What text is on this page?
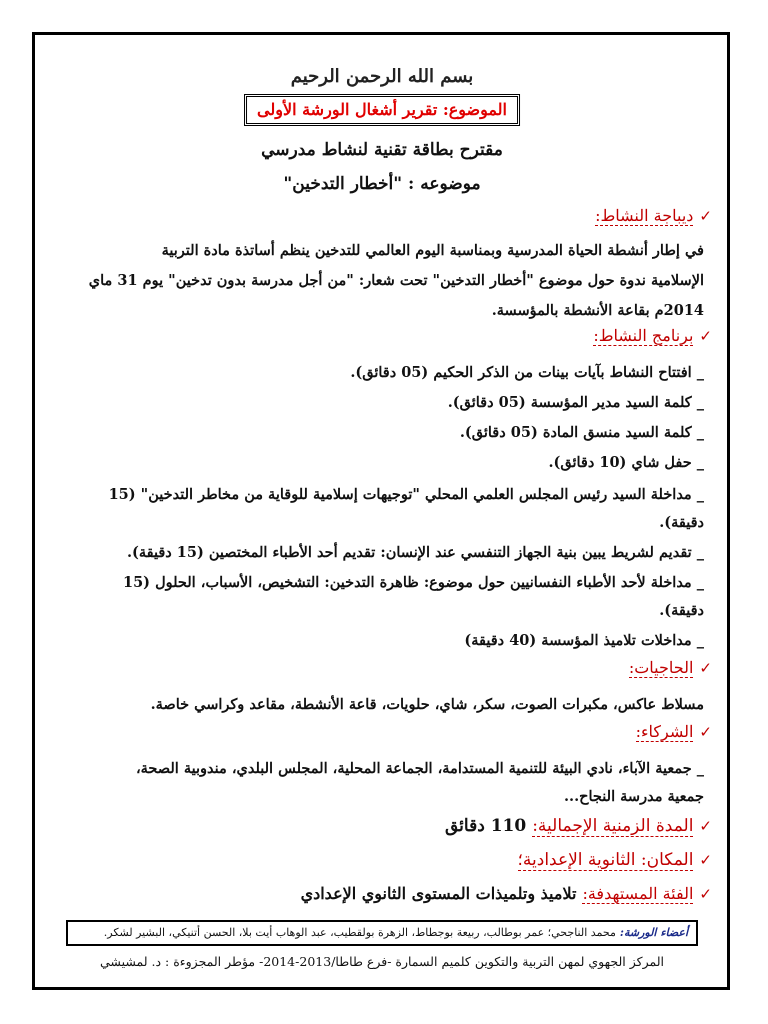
بسم الله الرحمن الرحيم
الموضوع: تقرير أشغال الورشة الأولى
مقترح بطاقة تقنية لنشاط مدرسي
موضوعه : "أخطار التدخين"
✓ديباجة النشاط:
في إطار أنشطة الحياة المدرسية وبمناسبة اليوم العالمي للتدخين ينظم أساتذة مادة التربية
الإسلامية ندوة حول موضوع "أخطار التدخين" تحت شعار: "من أجل مدرسة بدون تدخين" يوم 31 ماي
2014م بقاعة الأنشطة بالمؤسسة.
✓برنامج النشاط:
_ افتتاح النشاط بآيات بينات من الذكر الحكيم (05 دقائق).
_ كلمة السيد مدير المؤسسة (05 دقائق).
_ كلمة السيد منسق المادة (05 دقائق).
_ حفل شاي (10 دقائق).
_ مداخلة السيد رئيس المجلس العلمي المحلي "توجيهات إسلامية للوقاية من مخاطر التدخين" (15
دقيقة).
_ تقديم لشريط يبين بنية الجهاز التنفسي عند الإنسان: تقديم أحد الأطباء المختصين (15 دقيقة).
_ مداخلة لأحد الأطباء النفسانيين حول موضوع: ظاهرة التدخين: التشخيص، الأسباب، الحلول (15
دقيقة).
_ مداخلات تلاميذ المؤسسة (40 دقيقة)
✓الحاجيات:
مسلاط عاكس، مكبرات الصوت، سكر، شاي، حلويات، قاعة الأنشطة، مقاعد وكراسي خاصة.
✓الشركاء:
_ جمعية الآباء، نادي البيئة للتنمية المستدامة، الجماعة المحلية، المجلس البلدي، مندوبية الصحة،
جمعية مدرسة النجاح...
✓المدة الزمنية الإجمالية:110 دقائق
✓المكان: الثانوية الإعدادية؛
✓الفئة المستهدفة:تلاميذ وتلميذات المستوى الثانوي الإعدادي
أعضاء الورشة:محمد الناجحي؛ عمر بوطالب، ربيعة بوجطاط، الزهرة بولقطيب، عبد الوهاب أيت بلا، الحسن أتنيكي، البشير لشكر.
المركز الجهوي لمهن التربية والتكوين كلميم السمارة -فرع طاطا/2013-2014- مؤطر المجزوءة : د. لمشيشي
